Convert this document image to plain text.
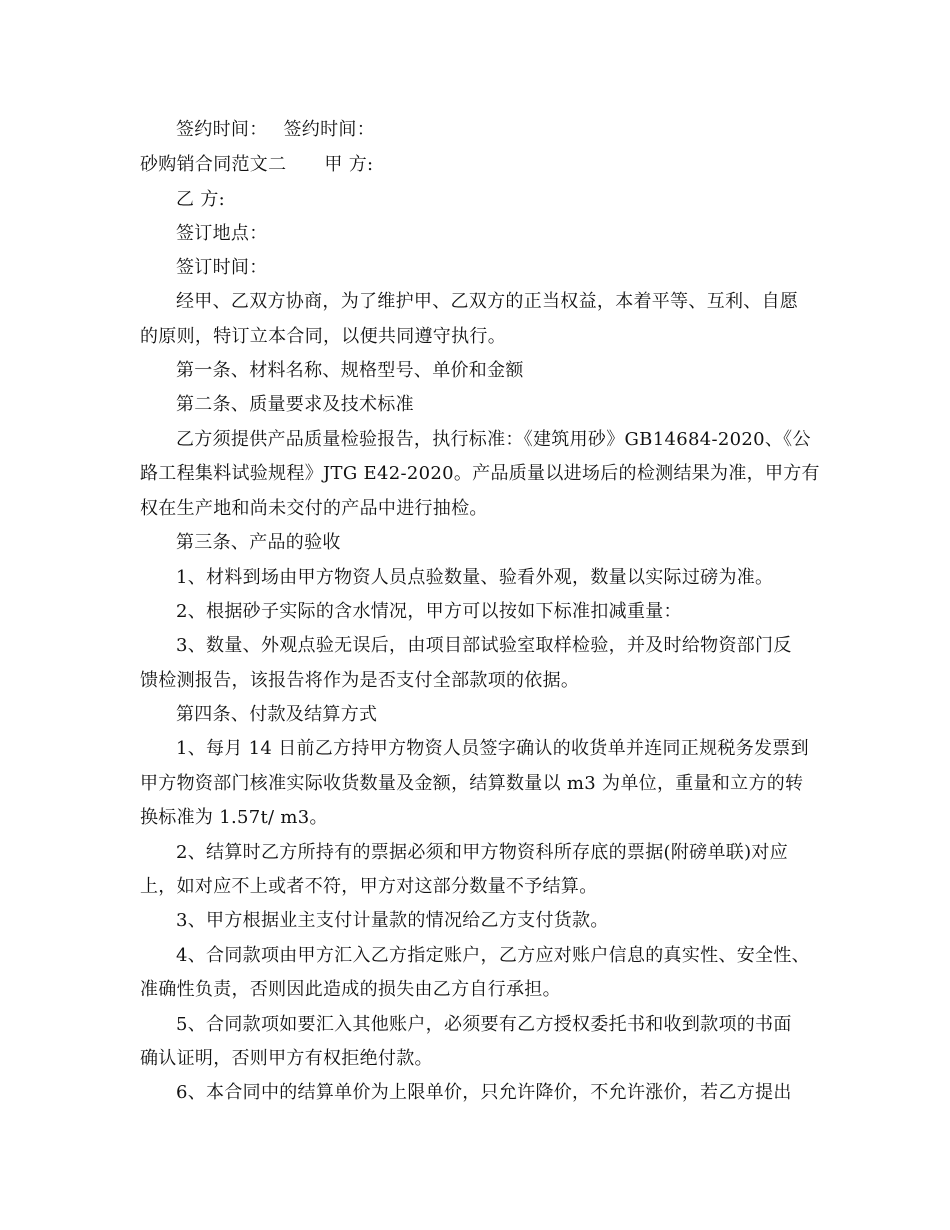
签约时间： 签约时间：
砂购销合同范文二 甲 方:
乙 方:
签订地点：
签订时间：
经甲、乙双方协商，为了维护甲、乙双方的正当权益，本着平等、互利、自愿
的原则，特订立本合同，以便共同遵守执行。
第一条、材料名称、规格型号、单价和金额
第二条、质量要求及技术标准
乙方须提供产品质量检验报告，执行标准：《建筑用砂》GB14684-2020、《公
路工程集料试验规程》JTG E42-2020。产品质量以进场后的检测结果为准，甲方有
权在生产地和尚未交付的产品中进行抽检。
第三条、产品的验收
1、材料到场由甲方物资人员点验数量、验看外观，数量以实际过磅为准。
2、根据砂子实际的含水情况，甲方可以按如下标准扣减重量：
3、数量、外观点验无误后，由项目部试验室取样检验，并及时给物资部门反
馈检测报告，该报告将作为是否支付全部款项的依据。
第四条、付款及结算方式
1、每月 14 日前乙方持甲方物资人员签字确认的收货单并连同正规税务发票到
甲方物资部门核准实际收货数量及金额，结算数量以 m3 为单位，重量和立方的转
换标准为 1.57t/ m3。
2、结算时乙方所持有的票据必须和甲方物资科所存底的票据(附磅单联)对应
上，如对应不上或者不符，甲方对这部分数量不予结算。
3、甲方根据业主支付计量款的情况给乙方支付货款。
4、合同款项由甲方汇入乙方指定账户，乙方应对账户信息的真实性、安全性、
准确性负责，否则因此造成的损失由乙方自行承担。
5、合同款项如要汇入其他账户，必须要有乙方授权委托书和收到款项的书面
确认证明，否则甲方有权拒绝付款。
6、本合同中的结算单价为上限单价，只允许降价，不允许涨价，若乙方提出
